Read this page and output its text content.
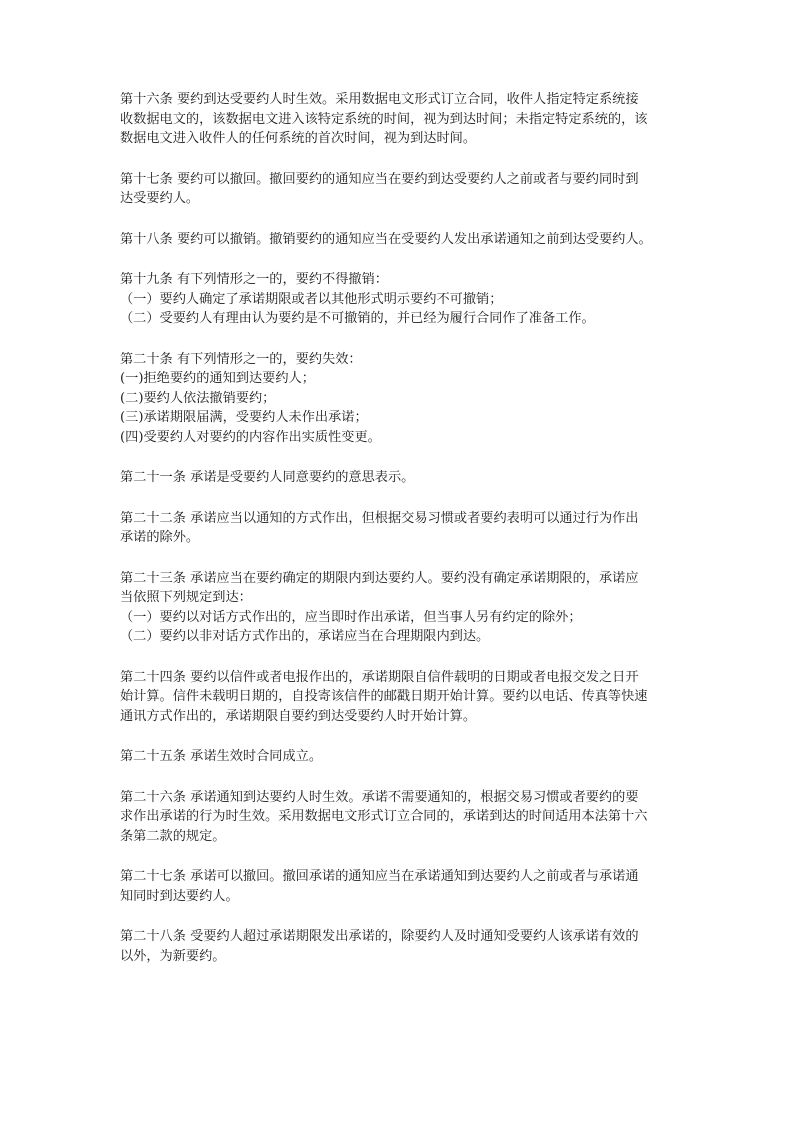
第十六条 要约到达受要约人时生效。采用数据电文形式订立合同，收件人指定特定系统接
收数据电文的，该数据电文进入该特定系统的时间，视为到达时间；未指定特定系统的，该
数据电文进入收件人的任何系统的首次时间，视为到达时间。
第十七条 要约可以撤回。撤回要约的通知应当在要约到达受要约人之前或者与要约同时到
达受要约人。
第十八条 要约可以撤销。撤销要约的通知应当在受要约人发出承诺通知之前到达受要约人。
第十九条 有下列情形之一的，要约不得撤销：
（一）要约人确定了承诺期限或者以其他形式明示要约不可撤销；
（二）受要约人有理由认为要约是不可撤销的，并已经为履行合同作了准备工作。
第二十条 有下列情形之一的，要约失效：
(一)拒绝要约的通知到达要约人；
(二)要约人依法撤销要约；
(三)承诺期限届满，受要约人未作出承诺；
(四)受要约人对要约的内容作出实质性变更。
第二十一条 承诺是受要约人同意要约的意思表示。
第二十二条 承诺应当以通知的方式作出，但根据交易习惯或者要约表明可以通过行为作出
承诺的除外。
第二十三条 承诺应当在要约确定的期限内到达要约人。要约没有确定承诺期限的，承诺应
当依照下列规定到达：
（一）要约以对话方式作出的，应当即时作出承诺，但当事人另有约定的除外；
（二）要约以非对话方式作出的，承诺应当在合理期限内到达。
第二十四条 要约以信件或者电报作出的，承诺期限自信件载明的日期或者电报交发之日开
始计算。信件未载明日期的，自投寄该信件的邮戳日期开始计算。要约以电话、传真等快速
通讯方式作出的，承诺期限自要约到达受要约人时开始计算。
第二十五条 承诺生效时合同成立。
第二十六条 承诺通知到达要约人时生效。承诺不需要通知的，根据交易习惯或者要约的要
求作出承诺的行为时生效。采用数据电文形式订立合同的，承诺到达的时间适用本法第十六
条第二款的规定。
第二十七条 承诺可以撤回。撤回承诺的通知应当在承诺通知到达要约人之前或者与承诺通
知同时到达要约人。
第二十八条 受要约人超过承诺期限发出承诺的，除要约人及时通知受要约人该承诺有效的
以外，为新要约。
